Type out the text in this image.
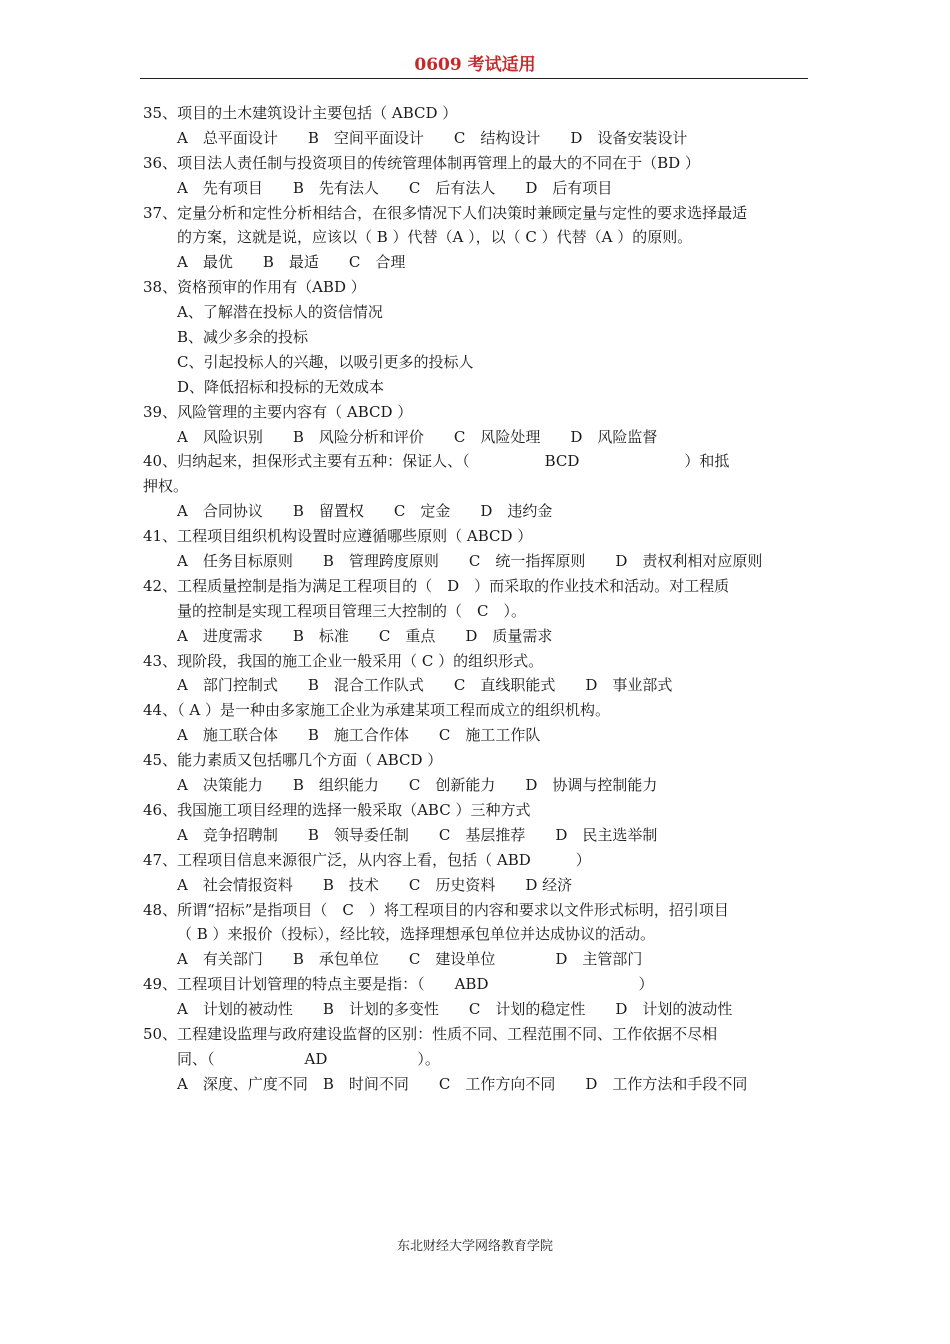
0609 考试适用
35、项目的土木建筑设计主要包括（ ABCD ）
A　总平面设计　　B　空间平面设计　　C　结构设计　　D　设备安装设计
36、项目法人责任制与投资项目的传统管理体制再管理上的最大的不同在于（BD ）
A　先有项目　　B　先有法人　　C　后有法人　　D　后有项目
37、定量分析和定性分析相结合，在很多情况下人们决策时兼顾定量与定性的要求选择最适
的方案，这就是说，应该以（ B ）代替（A ），以（ C ）代替（A ）的原则。
A　最优　　B　最适　　C　合理
38、资格预审的作用有（ABD ）
A、了解潜在投标人的资信情况
B、减少多余的投标
C、引起投标人的兴趣，以吸引更多的投标人
D、降低招标和投标的无效成本
39、风险管理的主要内容有（ ABCD ）
A　风险识别　　B　风险分析和评价　　C　风险处理　　D　风险监督
40、归纳起来，担保形式主要有五种：保证人、（　　　　　BCD　　　　　　　）和抵
押权。
A　合同协议　　B　留置权　　C　定金　　D　违约金
41、工程项目组织机构设置时应遵循哪些原则（ ABCD ）
A　任务目标原则　　B　管理跨度原则　　C　统一指挥原则　　D　责权利相对应原则
42、工程质量控制是指为满足工程项目的（　D　）而采取的作业技术和活动。对工程质
量的控制是实现工程项目管理三大控制的（　C　）。
A　进度需求　　B　标准　　C　重点　　D　质量需求
43、现阶段，我国的施工企业一般采用（ C ）的组织形式。
A　部门控制式　　B　混合工作队式　　C　直线职能式　　D　事业部式
44、（ A ）是一种由多家施工企业为承建某项工程而成立的组织机构。
A　施工联合体　　B　施工合作体　　C　施工工作队
45、能力素质又包括哪几个方面（ ABCD ）
A　决策能力　　B　组织能力　　C　创新能力　　D　协调与控制能力
46、我国施工项目经理的选择一般采取（ABC ）三种方式
A　竞争招聘制　　B　领导委任制　　C　基层推荐　　D　民主选举制
47、工程项目信息来源很广泛，从内容上看，包括（ ABD　　　）
A　社会情报资料　　B　技术　　C　历史资料　　D 经济
48、所谓“招标”是指项目（　C　）将工程项目的内容和要求以文件形式标明，招引项目
（ B ）来报价（投标），经比较，选择理想承包单位并达成协议的活动。
A　有关部门　　B　承包单位　　C　建设单位　　　　D　主管部门
49、工程项目计划管理的特点主要是指：（　　ABD　　　　　　　　　　）
A　计划的被动性　　B　计划的多变性　　C　计划的稳定性　　D　计划的波动性
50、工程建设监理与政府建设监督的区别：性质不同、工程范围不同、工作依据不尽相
同、（　　　　　　AD　　　　　　）。
A　深度、广度不同　B　时间不同　　C　工作方向不同　　D　工作方法和手段不同
东北财经大学网络教育学院
